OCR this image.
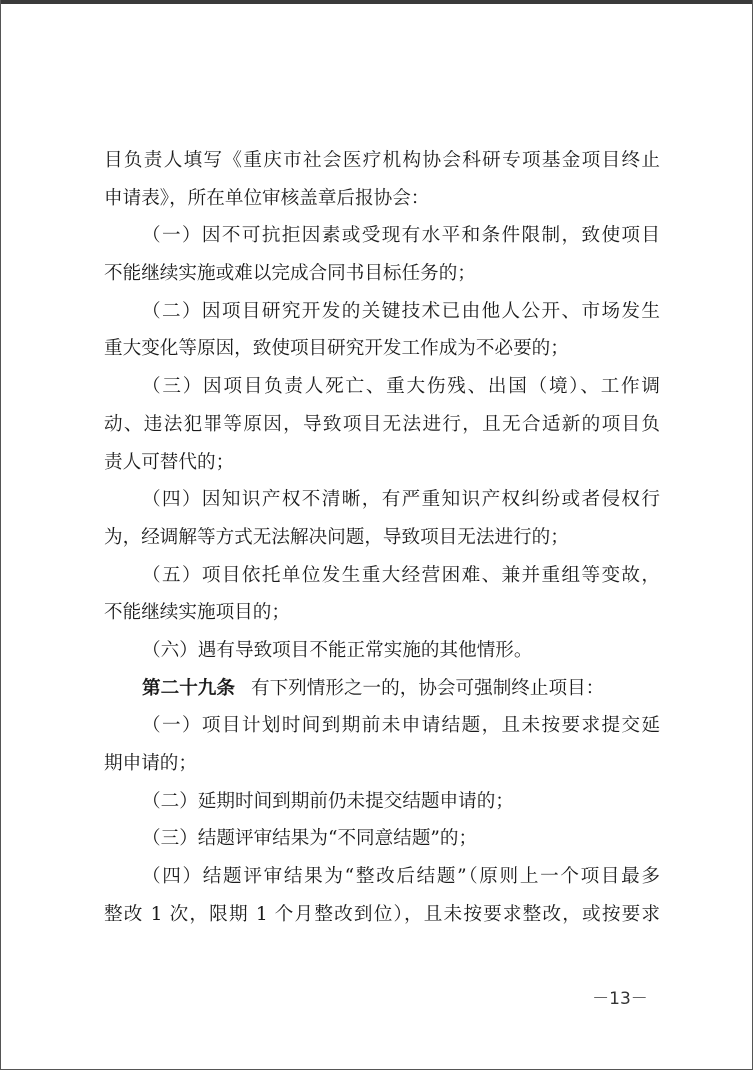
目负责人填写《重庆市社会医疗机构协会科研专项基金项目终止
申请表》，所在单位审核盖章后报协会：
（一）因不可抗拒因素或受现有水平和条件限制，致使项目
不能继续实施或难以完成合同书目标任务的；
（二）因项目研究开发的关键技术已由他人公开、市场发生
重大变化等原因，致使项目研究开发工作成为不必要的；
（三）因项目负责人死亡、重大伤残、出国（境）、工作调
动、违法犯罪等原因，导致项目无法进行，且无合适新的项目负
责人可替代的；
（四）因知识产权不清晰，有严重知识产权纠纷或者侵权行
为，经调解等方式无法解决问题，导致项目无法进行的；
（五）项目依托单位发生重大经营困难、兼并重组等变故，
不能继续实施项目的；
（六）遇有导致项目不能正常实施的其他情形。
第二十九条 有下列情形之一的，协会可强制终止项目：
（一）项目计划时间到期前未申请结题，且未按要求提交延
期申请的；
（二）延期时间到期前仍未提交结题申请的；
（三）结题评审结果为“不同意结题”的；
（四）结题评审结果为“整改后结题”（原则上一个项目最多
整改 1 次，限期 1 个月整改到位），且未按要求整改，或按要求
－13－
